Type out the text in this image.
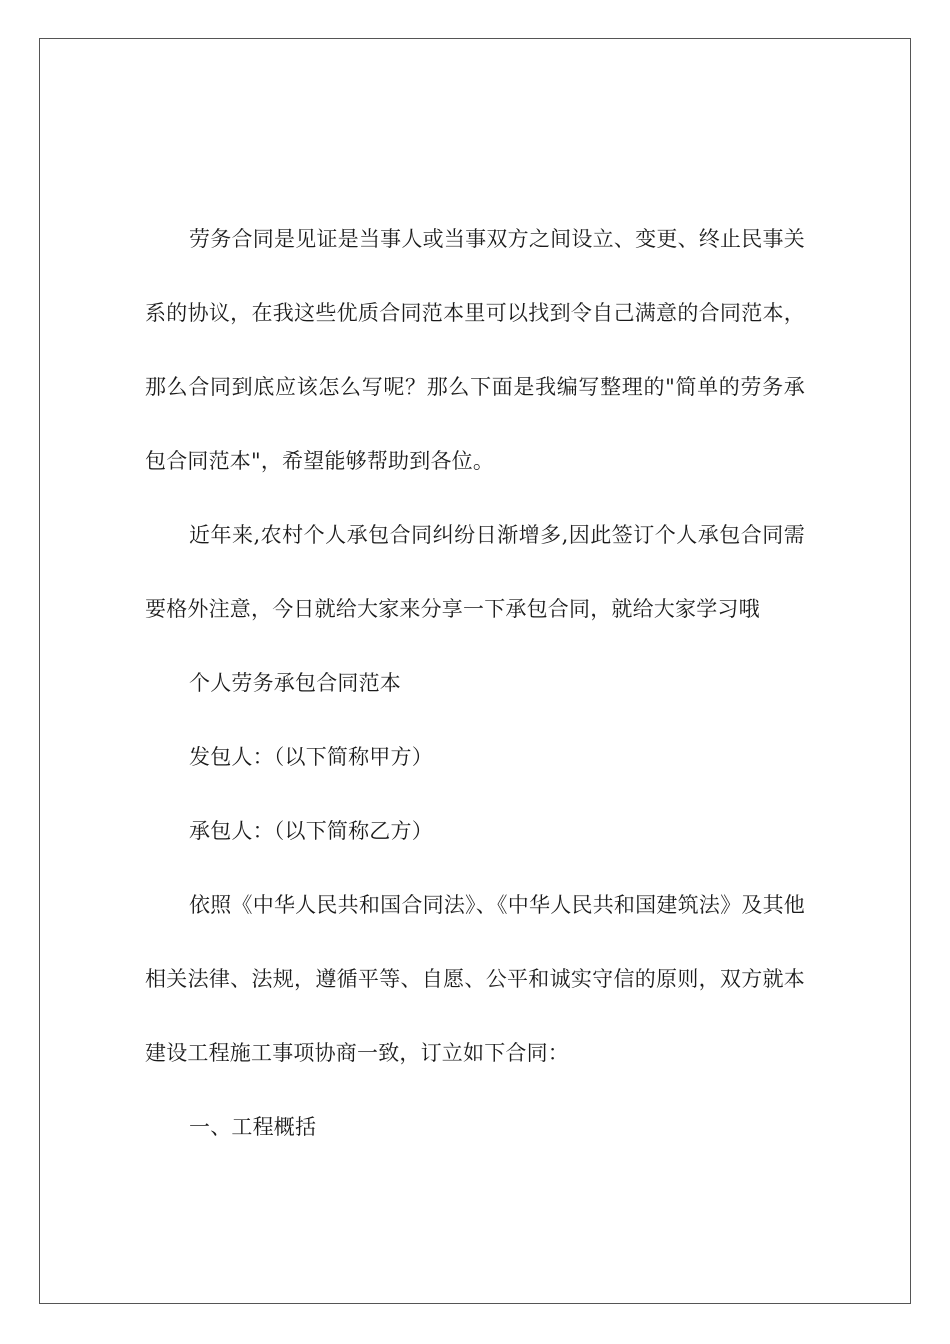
劳务合同是见证是当事人或当事双方之间设立、变更、终止民事关系的协议，在我这些优质合同范本里可以找到令自己满意的合同范本，那么合同到底应该怎么写呢？那么下面是我编写整理的"简单的劳务承包合同范本"，希望能够帮助到各位。

近年来,农村个人承包合同纠纷日渐增多,因此签订个人承包合同需要格外注意，今日就给大家来分享一下承包合同，就给大家学习哦

个人劳务承包合同范本

发包人：（以下简称甲方）

承包人：（以下简称乙方）

依照《中华人民共和国合同法》、《中华人民共和国建筑法》及其他相关法律、法规，遵循平等、自愿、公平和诚实守信的原则，双方就本建设工程施工事项协商一致，订立如下合同：

一、工程概括
